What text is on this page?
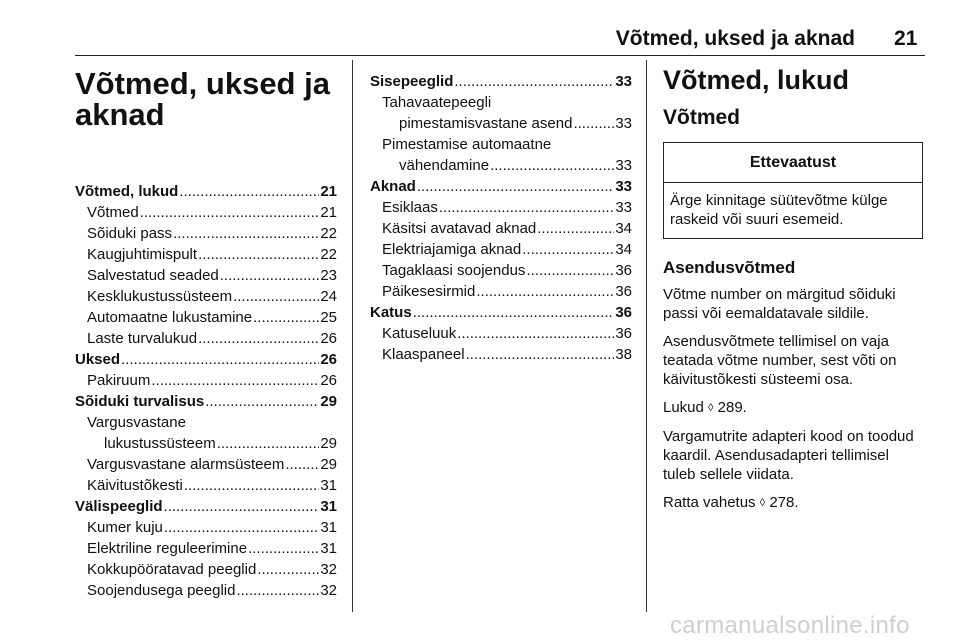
Võtmed, uksed ja aknad 21
Võtmed, uksed ja
aknad
Võtmed, lukud .....	21
Võtmed .....	21
Sõiduki pass .....	22
Kaugjuhtimispult .....	22
Salvestatud seaded .....	23
Kesklukustussüsteem .....	24
Automaatne lukustamine .....	25
Laste turvalukud .....	26
Uksed .....	26
Pakiruum .....	26
Sõiduki turvalisus .....	29
Vargusvastane
lukustussüsteem .....	29
Vargusvastane alarmsüsteem ..... 29
Käivitustõkesti .....	31
Välispeeglid .....	31
Kumer kuju .....	31
Elektriline reguleerimine .....	31
Kokkupööratavad peeglid .....	32
Soojendusega peeglid .....	32
Sisepeeglid .....	33
Tahavaatepeegli
pimestamisvastane asend .....	33
Pimestamise automaatne
vähendamine .....	33
Aknad .....	33
Esiklaas .....	33
Käsitsi avatavad aknad .....	34
Elektriajamiga aknad .....	34
Tagaklaasi soojendus .....	36
Päikesesirmid .....	36
Katus .....	36
Katuseluuk .....	36
Klaaspaneel .....	38
Võtmed, lukud
Võtmed
Ettevaatust
Ärge kinnitage süütevõtme külge raskeid või suuri esemeid.
Asendusvõtmed
Võtme number on märgitud sõiduki passi või eemaldatavale sildile.
Asendusvõtmete tellimisel on vaja teatada võtme number, sest võti on käivitustõkesti süsteemi osa.
Lukud ◊ 289.
Vargamutrite adapteri kood on toodud kaardil. Asendusadapteri tellimisel tuleb sellele viidata.
Ratta vahetus ◊ 278.
carmanualsonline.info
